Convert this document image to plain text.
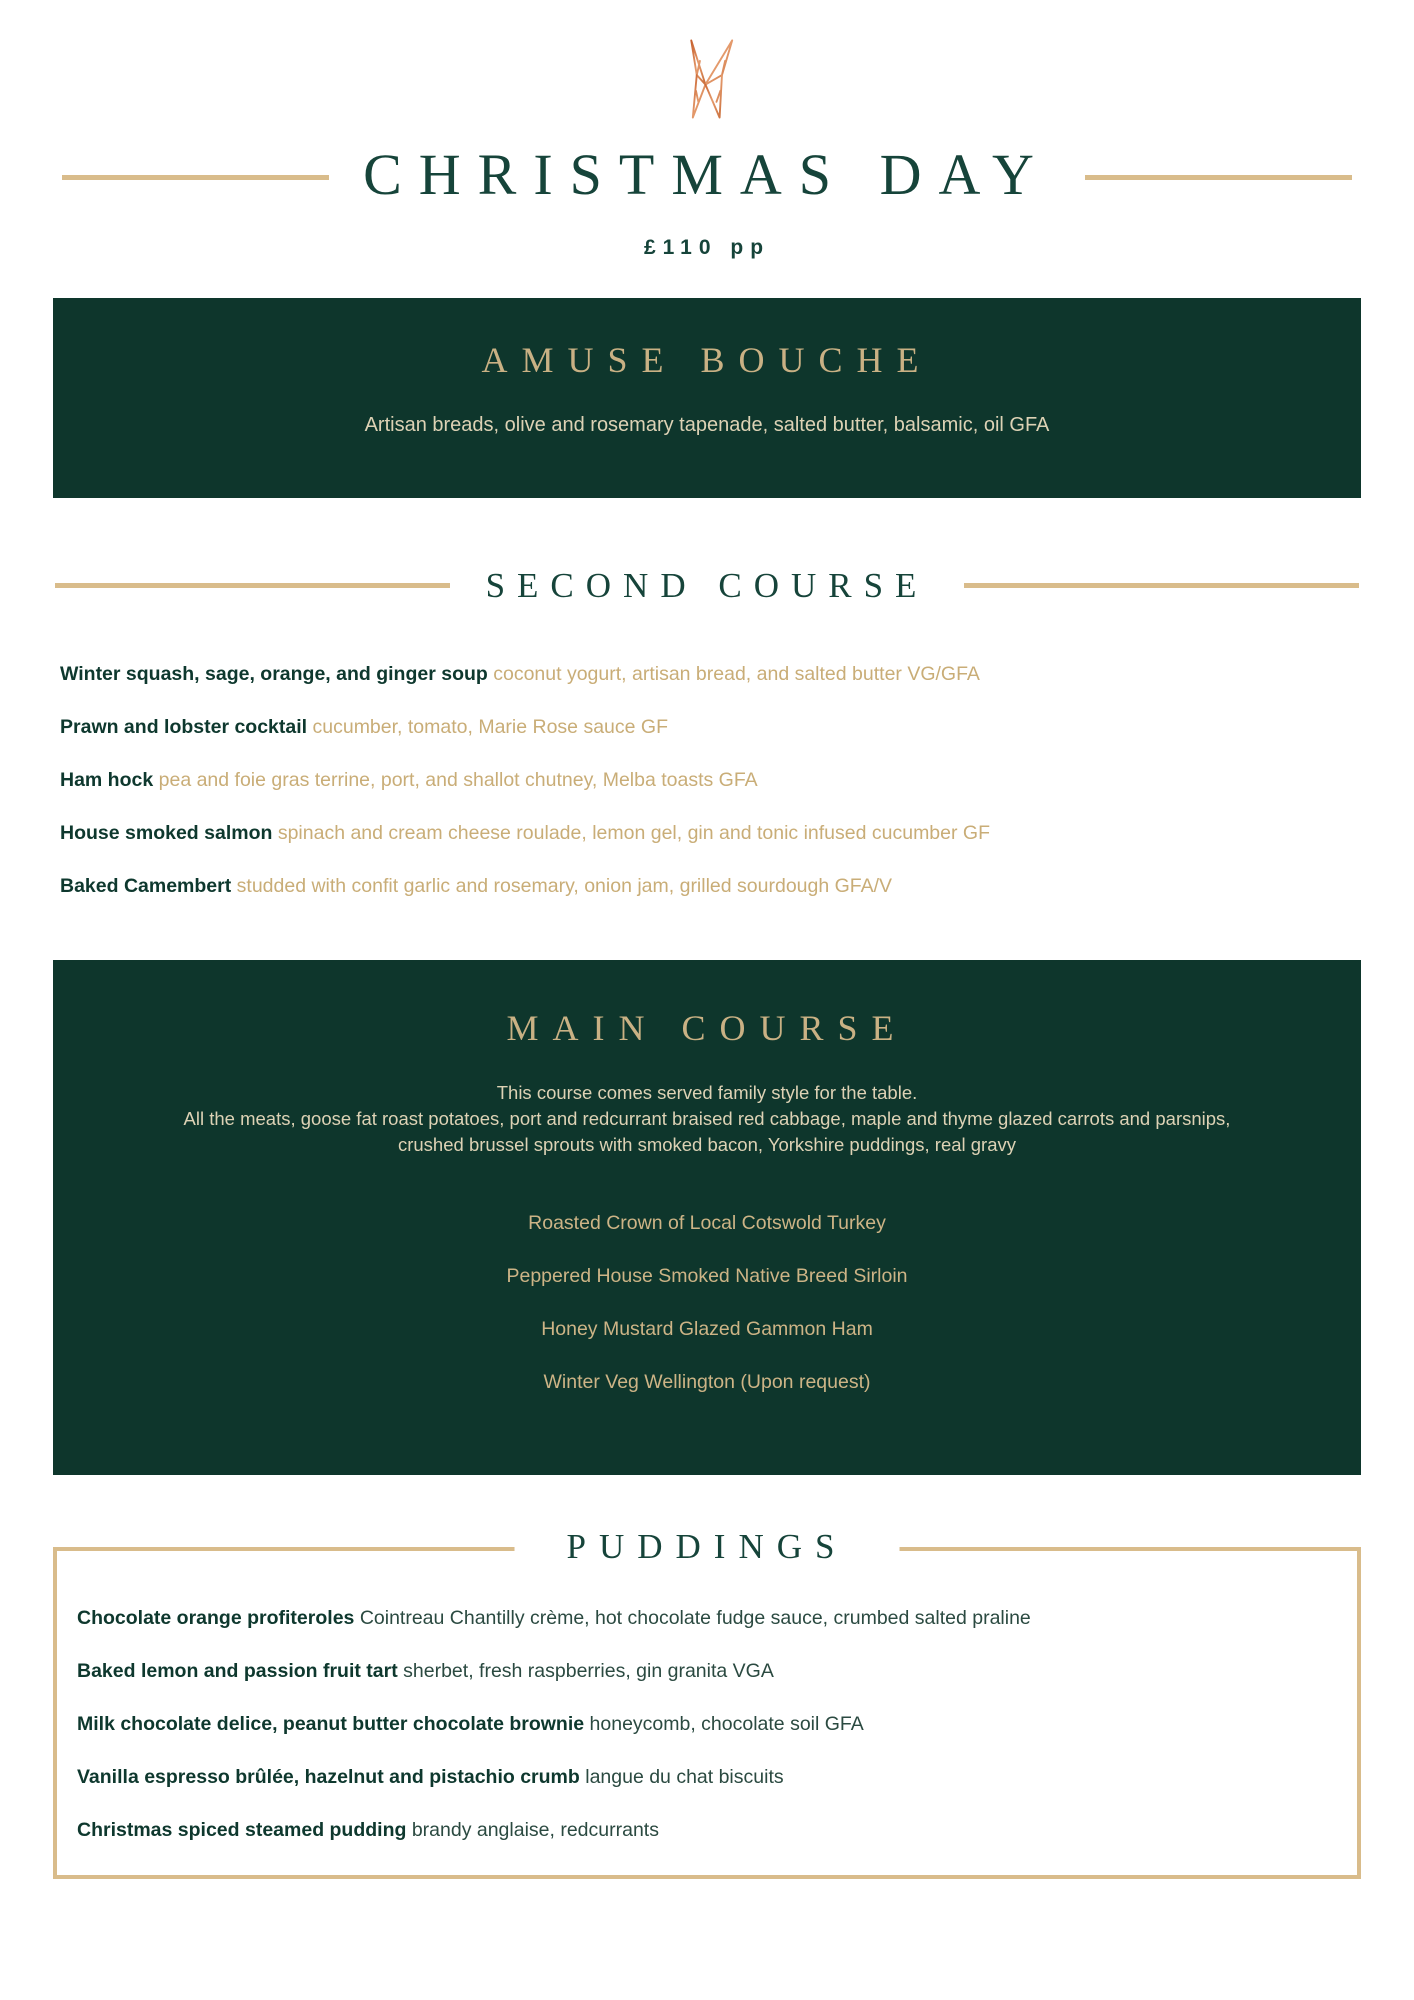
CHRISTMAS DAY
£110 pp
AMUSE BOUCHE
Artisan breads, olive and rosemary tapenade, salted butter, balsamic, oil GFA
SECOND COURSE
Winter squash, sage, orange, and ginger soup coconut yogurt, artisan bread, and salted butter VG/GFA
Prawn and lobster cocktail cucumber, tomato, Marie Rose sauce GF
Ham hock pea and foie gras terrine, port, and shallot chutney, Melba toasts GFA
House smoked salmon spinach and cream cheese roulade, lemon gel, gin and tonic infused cucumber GF
Baked Camembert studded with confit garlic and rosemary, onion jam, grilled sourdough GFA/V
MAIN COURSE
This course comes served family style for the table.
All the meats, goose fat roast potatoes, port and redcurrant braised red cabbage, maple and thyme glazed carrots and parsnips, crushed brussel sprouts with smoked bacon, Yorkshire puddings, real gravy
Roasted Crown of Local Cotswold Turkey
Peppered House Smoked Native Breed Sirloin
Honey Mustard Glazed Gammon Ham
Winter Veg Wellington (Upon request)
PUDDINGS
Chocolate orange profiteroles Cointreau Chantilly crème, hot chocolate fudge sauce, crumbed salted praline
Baked lemon and passion fruit tart sherbet, fresh raspberries, gin granita VGA
Milk chocolate delice, peanut butter chocolate brownie honeycomb, chocolate soil GFA
Vanilla espresso brûlée, hazelnut and pistachio crumb langue du chat biscuits
Christmas spiced steamed pudding brandy anglaise, redcurrants
